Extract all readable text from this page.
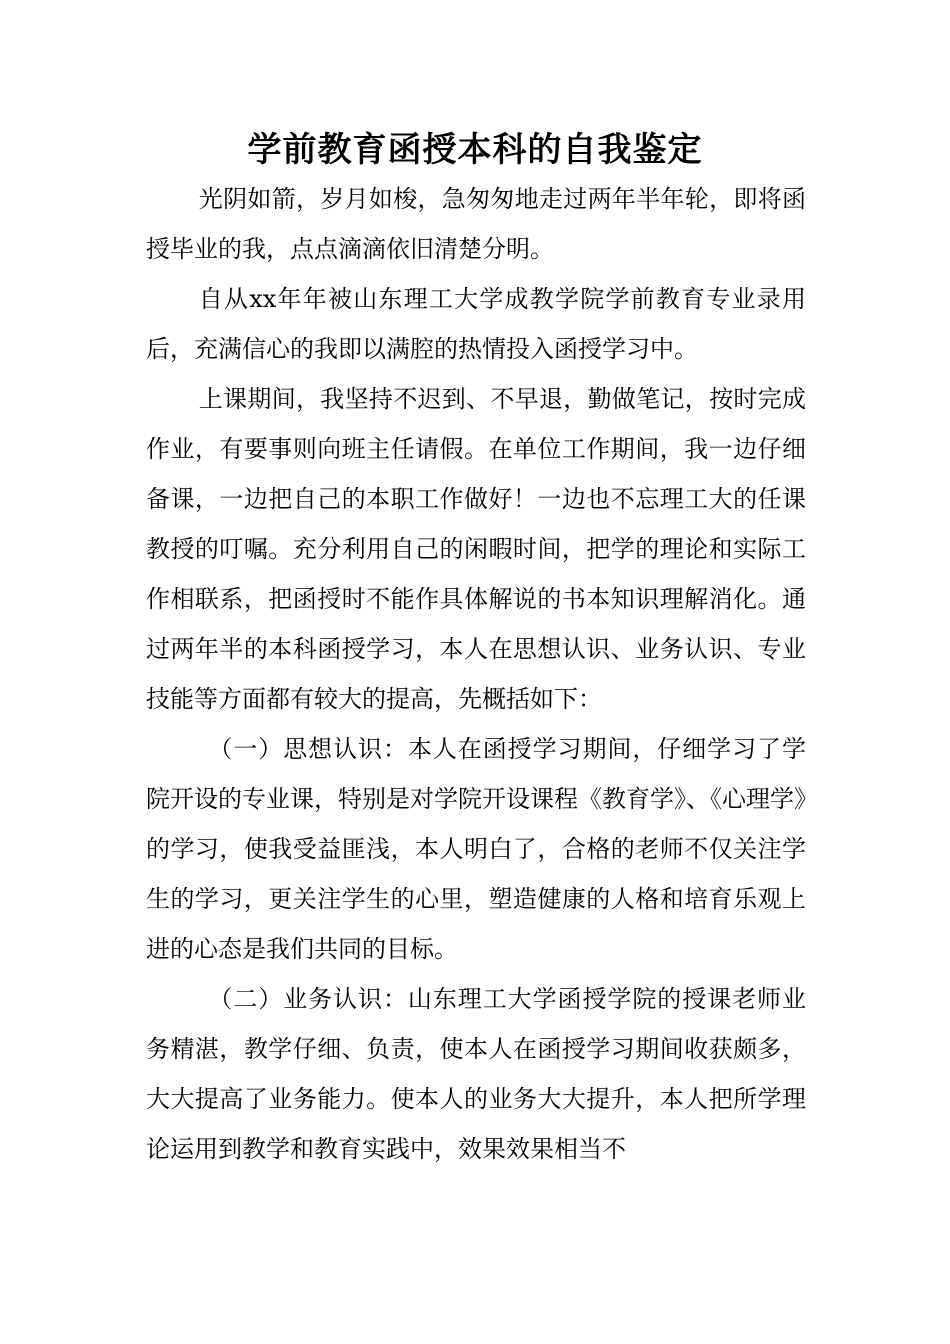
学前教育函授本科的自我鉴定

光阴如箭，岁月如梭，急匆匆地走过两年半年轮，即将函授毕业的我，点点滴滴依旧清楚分明。

自从xx年年被山东理工大学成教学院学前教育专业录用后，充满信心的我即以满腔的热情投入函授学习中。

上课期间，我坚持不迟到、不早退，勤做笔记，按时完成作业，有要事则向班主任请假。在单位工作期间，我一边仔细备课，一边把自己的本职工作做好！一边也不忘理工大的任课教授的叮嘱。充分利用自己的闲暇时间，把学的理论和实际工作相联系，把函授时不能作具体解说的书本知识理解消化。通过两年半的本科函授学习，本人在思想认识、业务认识、专业技能等方面都有较大的提高，先概括如下：

（一）思想认识：本人在函授学习期间，仔细学习了学院开设的专业课，特别是对学院开设课程《教育学》、《心理学》的学习，使我受益匪浅，本人明白了，合格的老师不仅关注学生的学习，更关注学生的心里，塑造健康的人格和培育乐观上进的心态是我们共同的目标。

（二）业务认识：山东理工大学函授学院的授课老师业务精湛，教学仔细、负责，使本人在函授学习期间收获颇多，大大提高了业务能力。使本人的业务大大提升，本人把所学理论运用到教学和教育实践中，效果效果相当不
